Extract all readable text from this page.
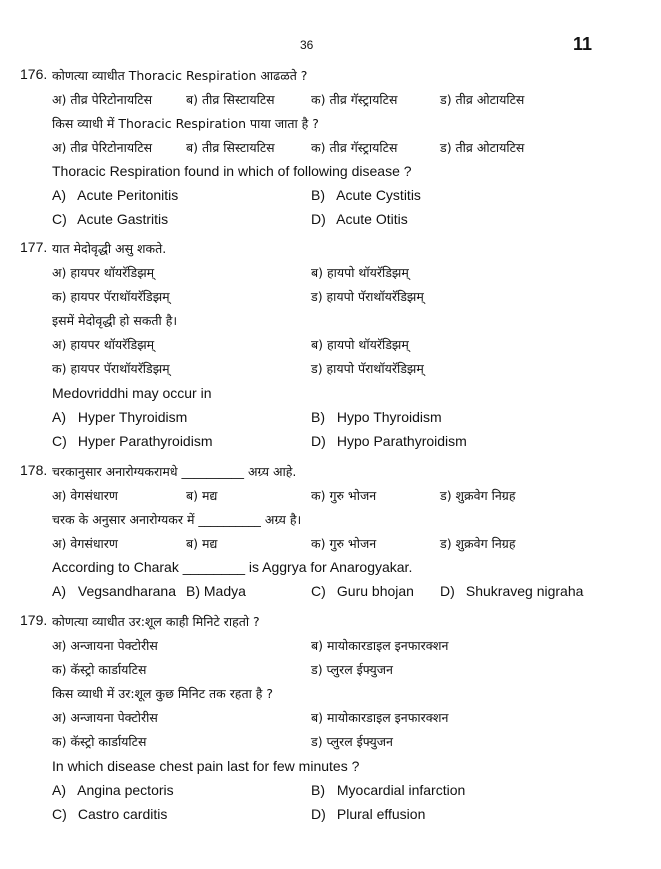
36	11
176. कोणत्या व्याधीत Thoracic Respiration आढळते ?
अ) तीव्र पेरिटोनायटिस	ब) तीव्र सिस्टायटिस	क) तीव्र गॅस्ट्रायटिस	ड) तीव्र ओटायटिस
किस व्याधी में Thoracic Respiration पाया जाता है ?
अ) तीव्र पेरिटोनायटिस	ब) तीव्र सिस्टायटिस	क) तीव्र गॅस्ट्रायटिस	ड) तीव्र ओटायटिस
Thoracic Respiration found in which of following disease ?
A) Acute Peritonitis	B) Acute Cystitis
C) Acute Gastritis	D) Acute Otitis
177. यात मेदोवृद्धी असु शकते.
अ) हायपर थॉयरॅडिझम्	ब) हायपो थॉयरॅडिझम्
क) हायपर पॅराथॉयरॅडिझम्	ड) हायपो पॅराथॉयरॅडिझम्
इसमें मेदोवृद्धी हो सकती है।
अ) हायपर थॉयरॅडिझम्	ब) हायपो थॉयरॅडिझम्
क) हायपर पॅराथॉयरॅडिझम्	ड) हायपो पॅराथॉयरॅडिझम्
Medovriddhi may occur in
A) Hyper Thyroidism	B) Hypo Thyroidism
C) Hyper Parathyroidism	D) Hypo Parathyroidism
178. चरकानुसार अनारोग्यकरामधे __________ अग्र्य आहे.
अ) वेगसंधारण	ब) मद्य	क) गुरु भोजन	ड) शुक्रवेग निग्रह
चरक के अनुसार अनारोग्यकर में __________ अग्र्य है।
अ) वेगसंधारण	ब) मद्य	क) गुरु भोजन	ड) शुक्रवेग निग्रह
According to Charak ________ is Aggrya for Anarogyakar.
A) Vegsandharana B) Madya	C) Guru bhojan D) Shukraveg nigraha
179. कोणत्या व्याधीत उर:शूल काही मिनिटे राहतो ?
अ) अन्जायना पेक्टोरीस	ब) मायोकारडाइल इनफारक्शन
क) कॅस्ट्रो कार्डायटिस	ड) प्लुरल ईफ्युजन
किस व्याधी में उर:शूल कुछ मिनिट तक रहता है ?
अ) अन्जायना पेक्टोरीस	ब) मायोकारडाइल इनफारक्शन
क) कॅस्ट्रो कार्डायटिस	ड) प्लुरल ईफ्युजन
In which disease chest pain last for few minutes ?
A) Angina pectoris	B) Myocardial infarction
C) Castro carditis	D) Plural effusion
